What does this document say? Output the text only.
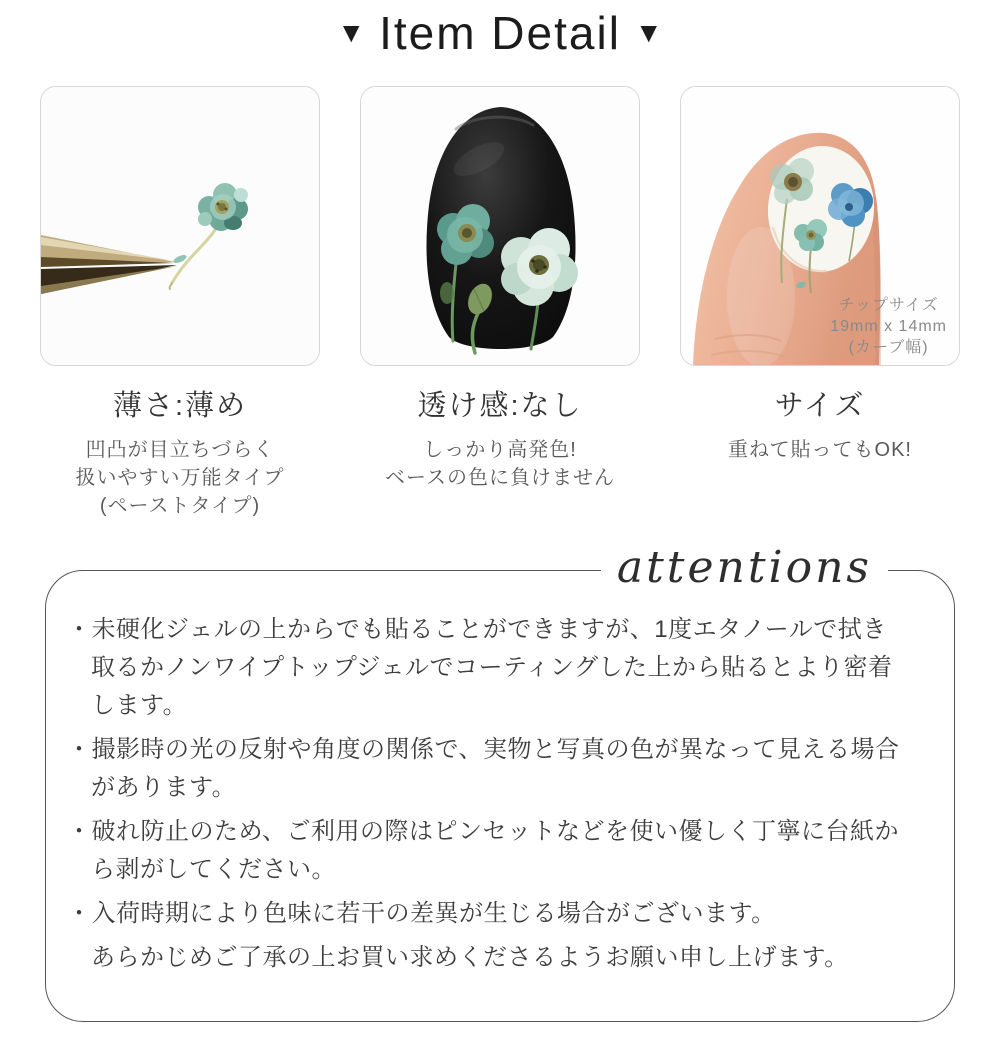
▼ Item Detail ▼
薄さ:薄め
凹凸が目立ちづらく
扱いやすい万能タイプ
(ペーストタイプ)
透け感:なし
しっかり高発色!
ベースの色に負けません
チップサイズ
19mm x 14mm
(カーブ幅)
サイズ
重ねて貼ってもOK!
attentions
・未硬化ジェルの上からでも貼ることができますが、1度エタノールで拭き
取るかノンワイプトップジェルでコーティングした上から貼るとより密着
します。
・撮影時の光の反射や角度の関係で、実物と写真の色が異なって見える場合
があります。
・破れ防止のため、ご利用の際はピンセットなどを使い優しく丁寧に台紙か
ら剥がしてください。
・入荷時期により色味に若干の差異が生じる場合がございます。
あらかじめご了承の上お買い求めくださるようお願い申し上げます。
